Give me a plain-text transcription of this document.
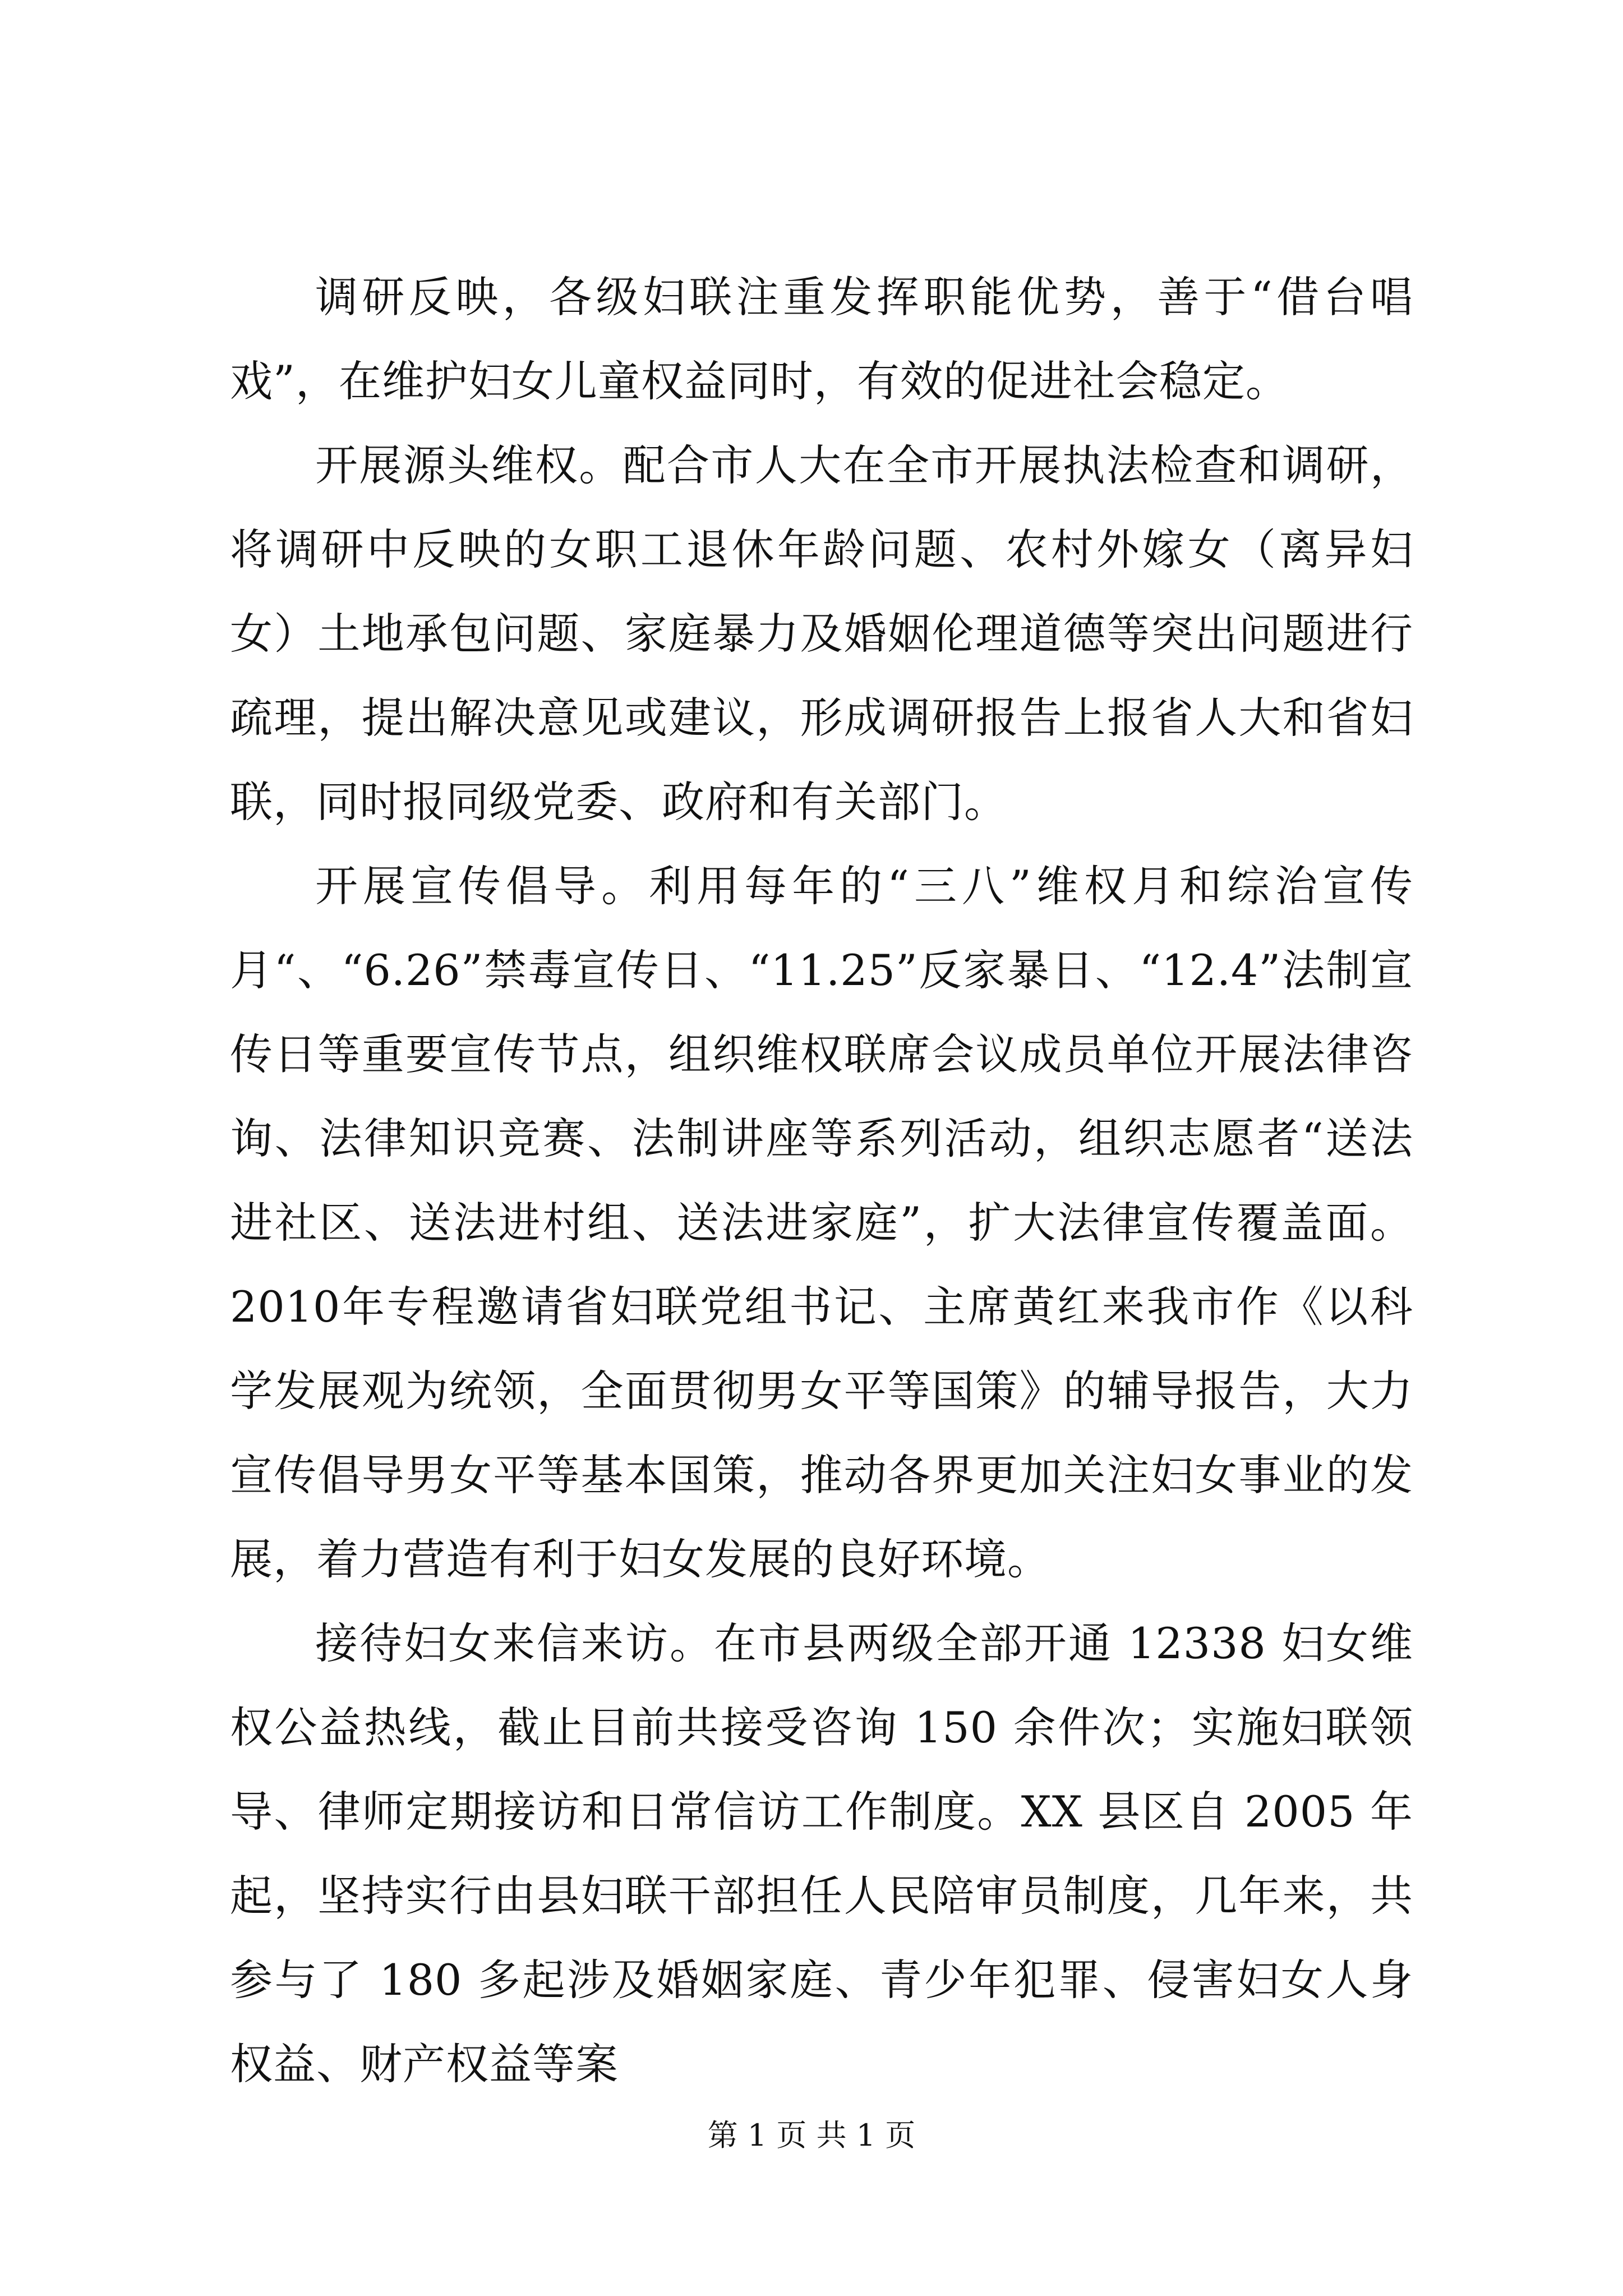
调研反映，各级妇联注重发挥职能优势，善于“借台唱戏”，在维护妇女儿童权益同时，有效的促进社会稳定。

开展源头维权。配合市人大在全市开展执法检查和调研，将调研中反映的女职工退休年龄问题、农村外嫁女（离异妇女）土地承包问题、家庭暴力及婚姻伦理道德等突出问题进行疏理，提出解决意见或建议，形成调研报告上报省人大和省妇联，同时报同级党委、政府和有关部门。

开展宣传倡导。利用每年的“三八”维权月和综治宣传月“、“6.26”禁毒宣传日、“11.25”反家暴日、“12.4”法制宣传日等重要宣传节点，组织维权联席会议成员单位开展法律咨询、法律知识竞赛、法制讲座等系列活动，组织志愿者“送法进社区、送法进村组、送法进家庭”，扩大法律宣传覆盖面。2010年专程邀请省妇联党组书记、主席黄红来我市作《以科学发展观为统领，全面贯彻男女平等国策》的辅导报告，大力宣传倡导男女平等基本国策，推动各界更加关注妇女事业的发展，着力营造有利于妇女发展的良好环境。

接待妇女来信来访。在市县两级全部开通 12338 妇女维权公益热线，截止目前共接受咨询 150 余件次；实施妇联领导、律师定期接访和日常信访工作制度。XX 县区自 2005 年起，坚持实行由县妇联干部担任人民陪审员制度，几年来，共参与了 180 多起涉及婚姻家庭、青少年犯罪、侵害妇女人身权益、财产权益等案

第 1 页 共 1 页
